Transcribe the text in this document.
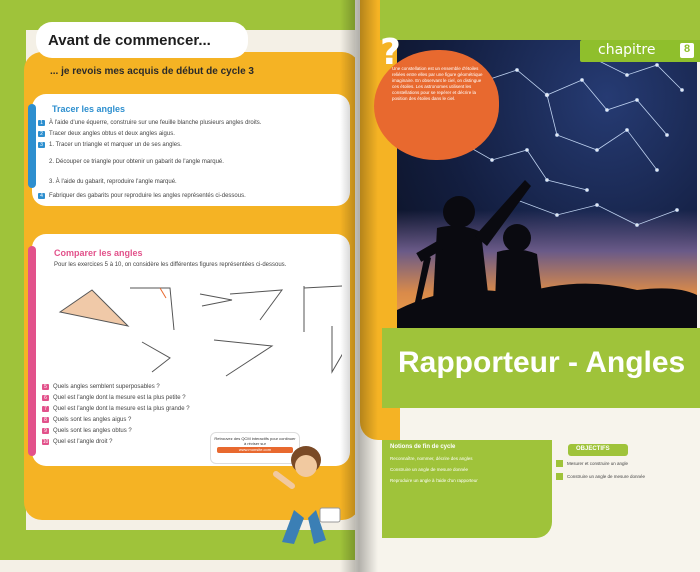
Avant de commencer...
... je revois mes acquis de début de cycle 3
Tracer les angles
1	À l'aide d'une équerre, construire sur une feuille blanche plusieurs angles droits.
2	Tracer deux angles obtus et deux angles aigus.
3	1. Tracer un triangle et marquer un de ses angles.
2. Découper ce triangle pour obtenir un gabarit de l'angle marqué.
3. À l'aide du gabarit, reproduire l'angle marqué.
4	Fabriquer des gabarits pour reproduire les angles représentés ci-dessous.
Comparer les angles
Pour les exercices 5 à 10, on considère les différentes figures représentées ci-dessous.
5	Quels angles semblent superposables ?
6	Quel est l'angle dont la mesure est la plus petite ?
7	Quel est l'angle dont la mesure est la plus grande ?
8	Quels sont les angles aigus ?
9	Quels sont les angles obtus ?
10 Quel est l'angle droit ?
Retrouvez des QCM interactifs pour continuer à réviser sur
www.monsite.com
chapitre	8
Une constellation est un ensemble d'étoiles reliées entre elles par une figure géométrique imaginaire. En observant le ciel, on distingue ces étoiles. Les astronomes utilisent les constellations pour se repérer et décrire la position des étoiles dans le ciel.
?
Rapporteur - Angles
Notions de fin de cycle
Reconnaître, nommer, décrire des angles
Construire un angle de mesure donnée
Reproduire un angle à l'aide d'un rapporteur
OBJECTIFS
Mesurer et construire un angle
Construire un angle de mesure donnée
